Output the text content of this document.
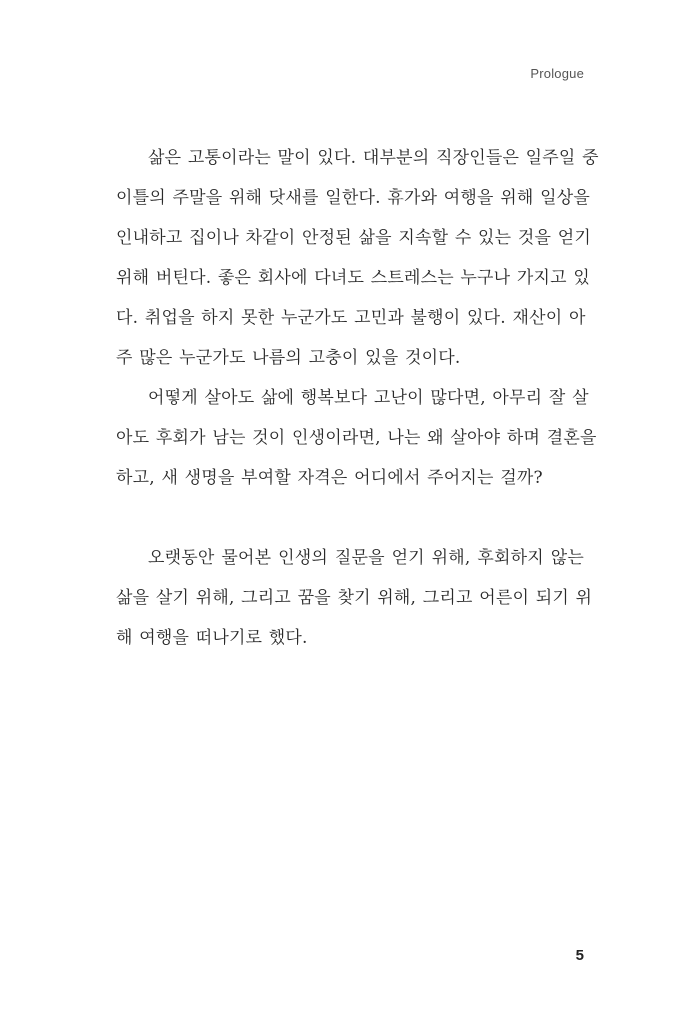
Prologue
삶은 고통이라는 말이 있다. 대부분의 직장인들은 일주일 중
이틀의 주말을 위해 닷새를 일한다. 휴가와 여행을 위해 일상을
인내하고 집이나 차같이 안정된 삶을 지속할 수 있는 것을 얻기
위해 버틴다. 좋은 회사에 다녀도 스트레스는 누구나 가지고 있
다. 취업을 하지 못한 누군가도 고민과 불행이 있다. 재산이 아
주 많은 누군가도 나름의 고충이 있을 것이다.
어떻게 살아도 삶에 행복보다 고난이 많다면, 아무리 잘 살
아도 후회가 남는 것이 인생이라면, 나는 왜 살아야 하며 결혼을
하고, 새 생명을 부여할 자격은 어디에서 주어지는 걸까?
오랫동안 물어본 인생의 질문을 얻기 위해, 후회하지 않는
삶을 살기 위해, 그리고 꿈을 찾기 위해, 그리고 어른이 되기 위
해 여행을 떠나기로 했다.
5
